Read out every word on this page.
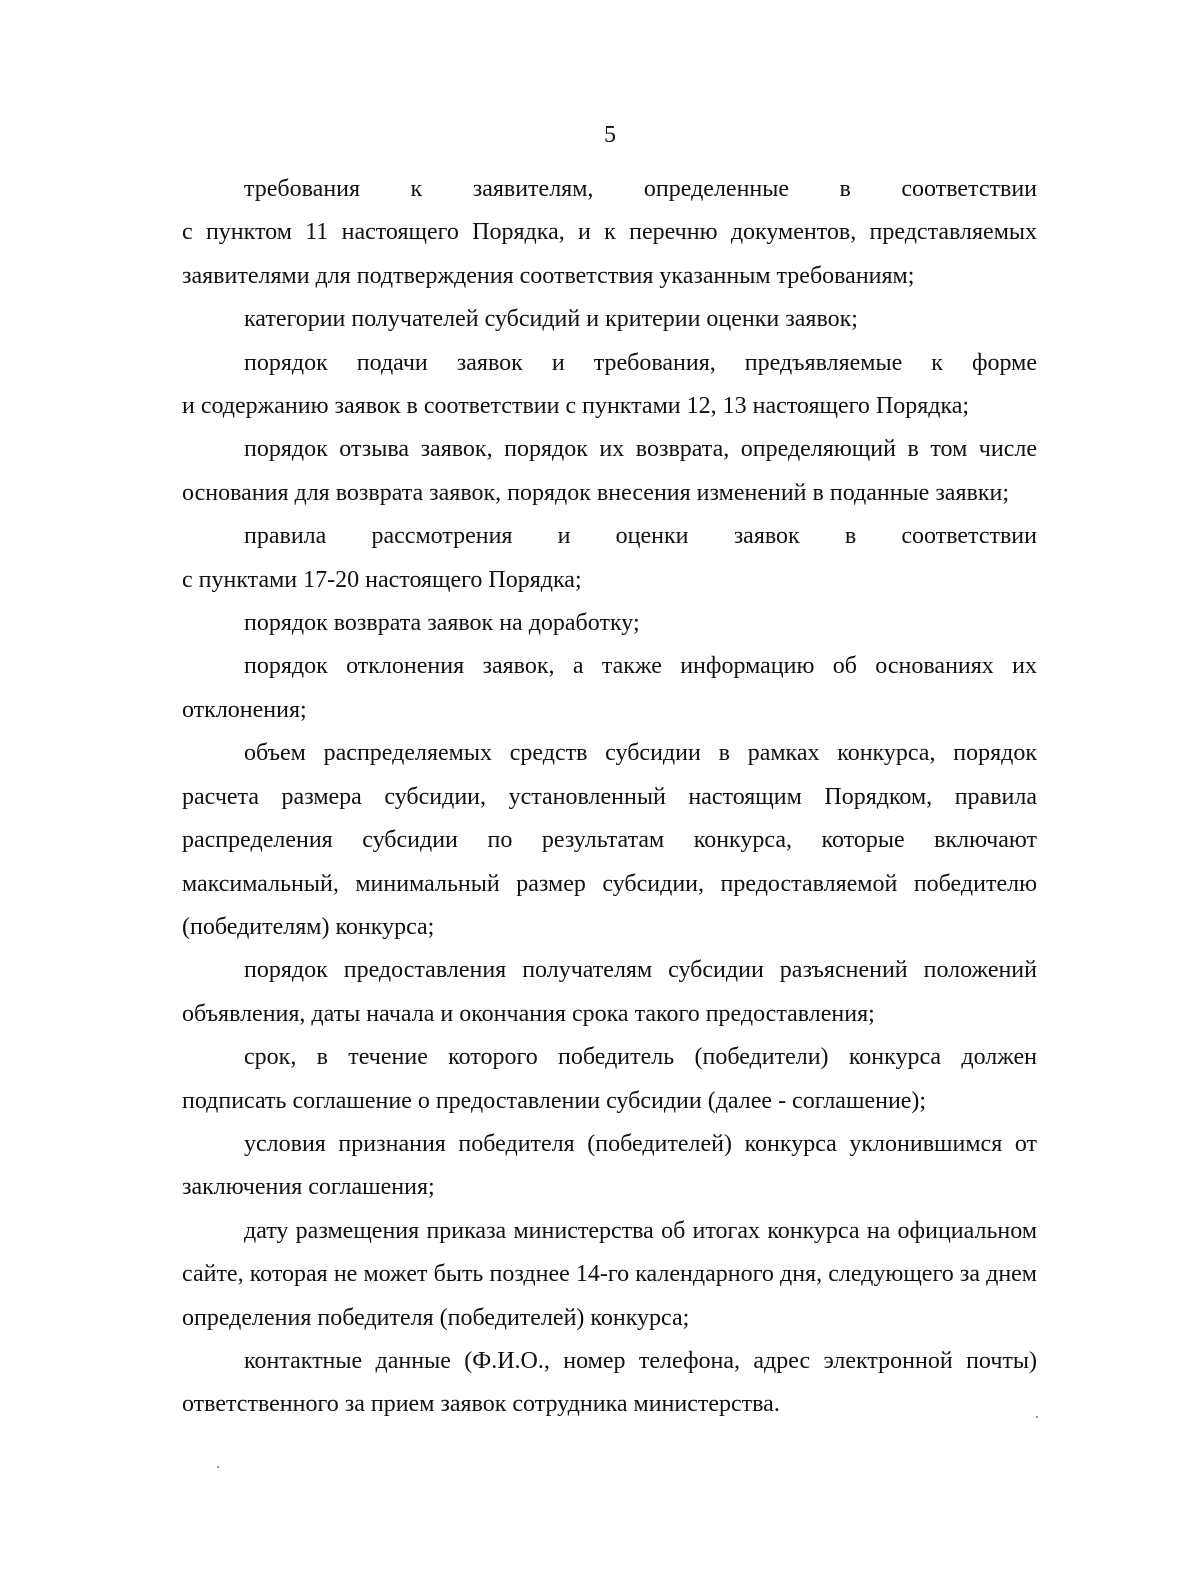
5

требования к заявителям, определенные в соответствии

с пунктом 11 настоящего Порядка, и к перечню документов, представляемых заявителями для подтверждения соответствия указанным требованиям;

категории получателей субсидий и критерии оценки заявок;

порядок подачи заявок и требования, предъявляемые к форме

и содержанию заявок в соответствии с пунктами 12, 13 настоящего Порядка;

порядок отзыва заявок, порядок их возврата, определяющий в том числе основания для возврата заявок, порядок внесения изменений в поданные заявки;

правила рассмотрения и оценки заявок в соответствии

с пунктами 17-20 настоящего Порядка;

порядок возврата заявок на доработку;

порядок отклонения заявок, а также информацию об основаниях их отклонения;

объем распределяемых средств субсидии в рамках конкурса, порядок расчета размера субсидии, установленный настоящим Порядком, правила распределения субсидии по результатам конкурса, которые включают максимальный, минимальный размер субсидии, предоставляемой победителю (победителям) конкурса;

порядок предоставления получателям субсидии разъяснений положений объявления, даты начала и окончания срока такого предоставления;

срок, в течение которого победитель (победители) конкурса должен подписать соглашение о предоставлении субсидии (далее - соглашение);

условия признания победителя (победителей) конкурса уклонившимся от заключения соглашения;

дату размещения приказа министерства об итогах конкурса на официальном сайте, которая не может быть позднее 14-го календарного дня, следующего за днем определения победителя (победителей) конкурса;

контактные данные (Ф.И.О., номер телефона, адрес электронной почты) ответственного за прием заявок сотрудника министерства.
